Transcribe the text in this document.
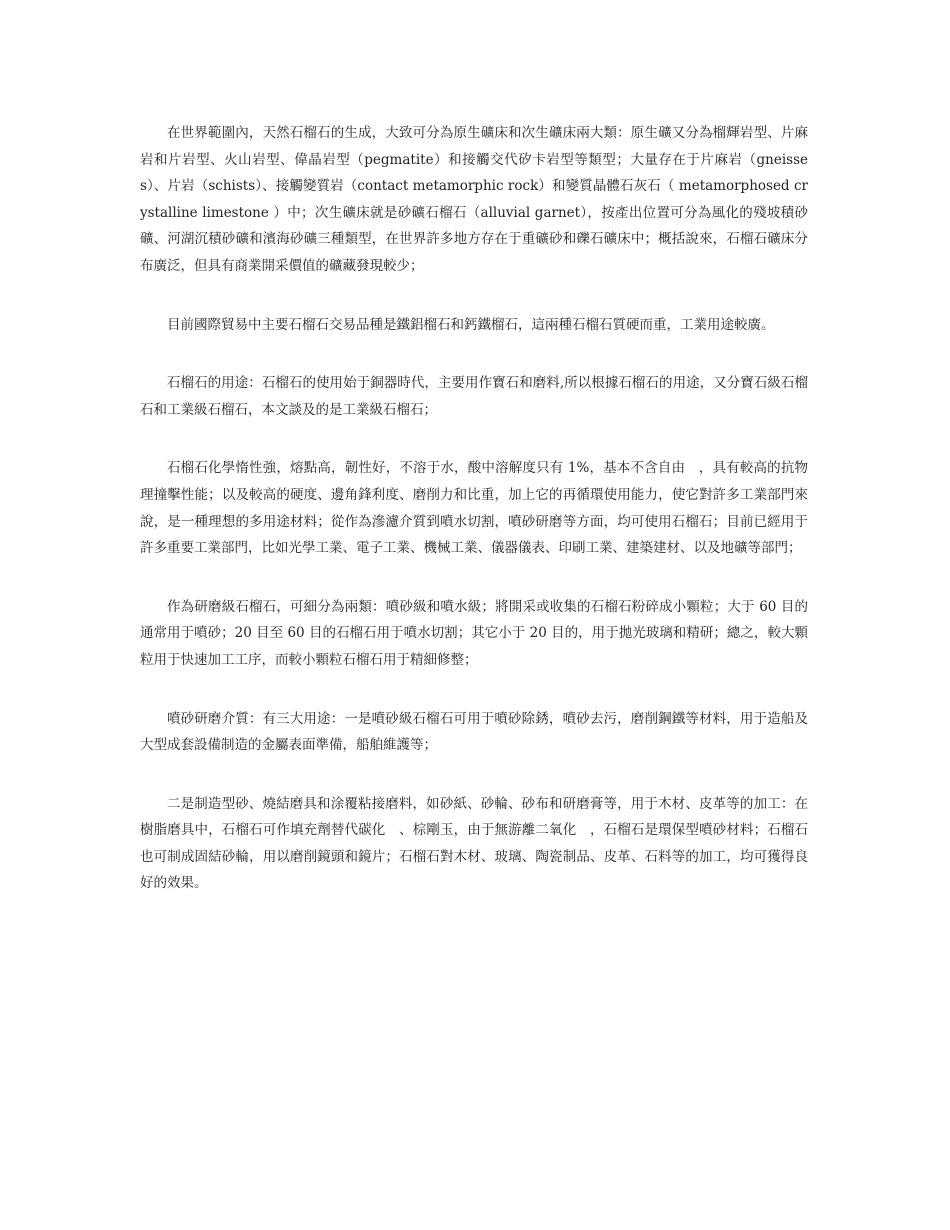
在世界範圍內，天然石榴石的生成，大致可分為原生礦床和次生礦床兩大類：原生礦又分為榴輝岩型、片麻岩和片岩型、火山岩型、偉晶岩型（pegmatite）和接觸交代矽卡岩型等類型；大量存在于片麻岩（gneisses）、片岩（schists）、接觸變質岩（contact metamorphic rock）和變質晶體石灰石（ metamorphosed crystalline limestone ）中；次生礦床就是砂礦石榴石（alluvial garnet），按產出位置可分為風化的殘坡積砂礦、河湖沉積砂礦和濱海砂礦三種類型，在世界許多地方存在于重礦砂和礫石礦床中；概括說來，石榴石礦床分布廣泛，但具有商業開采價值的礦藏發現較少；

目前國際貿易中主要石榴石交易品種是鐵鋁榴石和鈣鐵榴石，這兩種石榴石質硬而重，工業用途較廣。

石榴石的用途：石榴石的使用始于銅器時代，主要用作寶石和磨料,所以根據石榴石的用途，又分寶石級石榴石和工業級石榴石，本文談及的是工業級石榴石；

石榴石化學惰性強，熔點高，韌性好，不溶于水，酸中溶解度只有 1%，基本不含自由　，具有較高的抗物理撞擊性能；以及較高的硬度、邊角鋒利度、磨削力和比重，加上它的再循環使用能力，使它對許多工業部門來說，是一種理想的多用途材料；從作為滲濾介質到噴水切割，噴砂研磨等方面，均可使用石榴石；目前已經用于許多重要工業部門，比如光學工業、電子工業、機械工業、儀器儀表、印刷工業、建築建材、以及地礦等部門；

作為研磨級石榴石，可細分為兩類：噴砂級和噴水級；將開采或收集的石榴石粉碎成小顆粒；大于 60 目的通常用于噴砂；20 目至 60 目的石榴石用于噴水切割；其它小于 20 目的，用于拋光玻璃和精研；總之，較大顆粒用于快速加工工序，而較小顆粒石榴石用于精細修整；

噴砂研磨介質：有三大用途：一是噴砂級石榴石可用于噴砂除銹，噴砂去污，磨削鋼鐵等材料，用于造船及大型成套設備制造的金屬表面準備，船舶維護等；

二是制造型砂、燒結磨具和涂覆粘接磨料，如砂紙、砂輪、砂布和研磨膏等，用于木材、皮革等的加工：在樹脂磨具中，石榴石可作填充劑替代碳化　、棕剛玉，由于無游離二氧化　，石榴石是環保型噴砂材料；石榴石也可制成固結砂輪，用以磨削鏡頭和鏡片；石榴石對木材、玻璃、陶瓷制品、皮革、石料等的加工，均可獲得良好的效果。
